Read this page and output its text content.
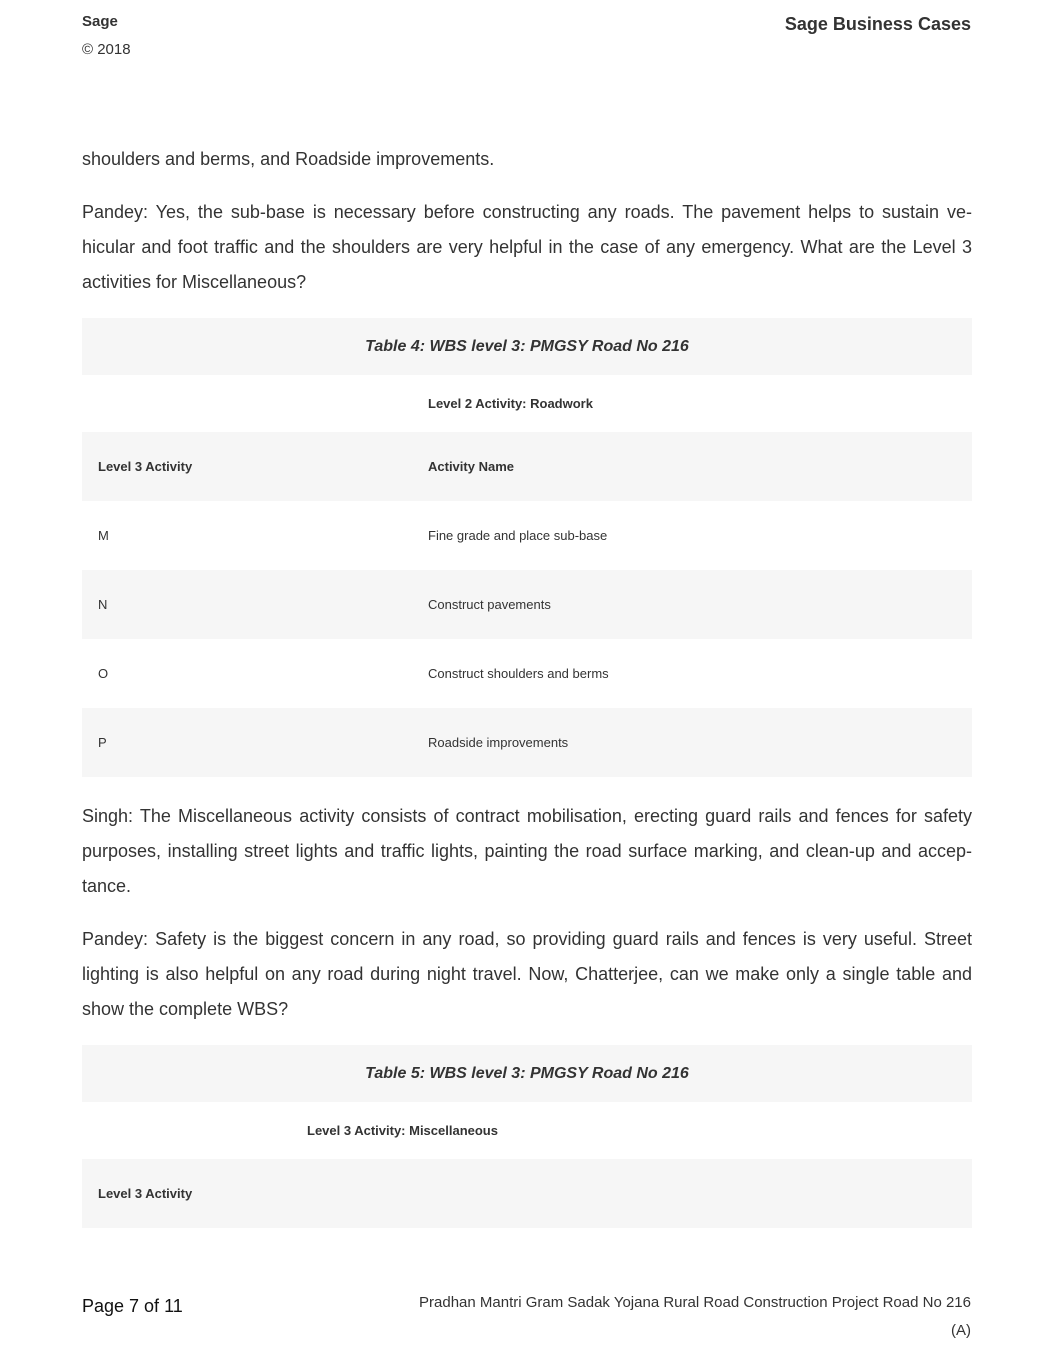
Sage
© 2018
Sage Business Cases

shoulders and berms, and Roadside improvements.

Pandey: Yes, the sub-base is necessary before constructing any roads. The pavement helps to sustain vehicular and foot traffic and the shoulders are very helpful in the case of any emergency. What are the Level 3 activities for Miscellaneous?

Table 4: WBS level 3: PMGSY Road No 216	
	Level 2 Activity: Roadwork
Level 3 Activity	Activity Name
M	Fine grade and place sub-base
N	Construct pavements
O	Construct shoulders and berms
P	Roadside improvements

Singh: The Miscellaneous activity consists of contract mobilisation, erecting guard rails and fences for safety purposes, installing street lights and traffic lights, painting the road surface marking, and clean-up and acceptance.

Pandey: Safety is the biggest concern in any road, so providing guard rails and fences is very useful. Street lighting is also helpful on any road during night travel. Now, Chatterjee, can we make only a single table and show the complete WBS?

Table 5: WBS level 3: PMGSY Road No 216	
	Level 3 Activity: Miscellaneous
Level 3 Activity	
Page 7 of 11	Pradhan Mantri Gram Sadak Yojana Rural Road Construction Project Road No 216 (A)
